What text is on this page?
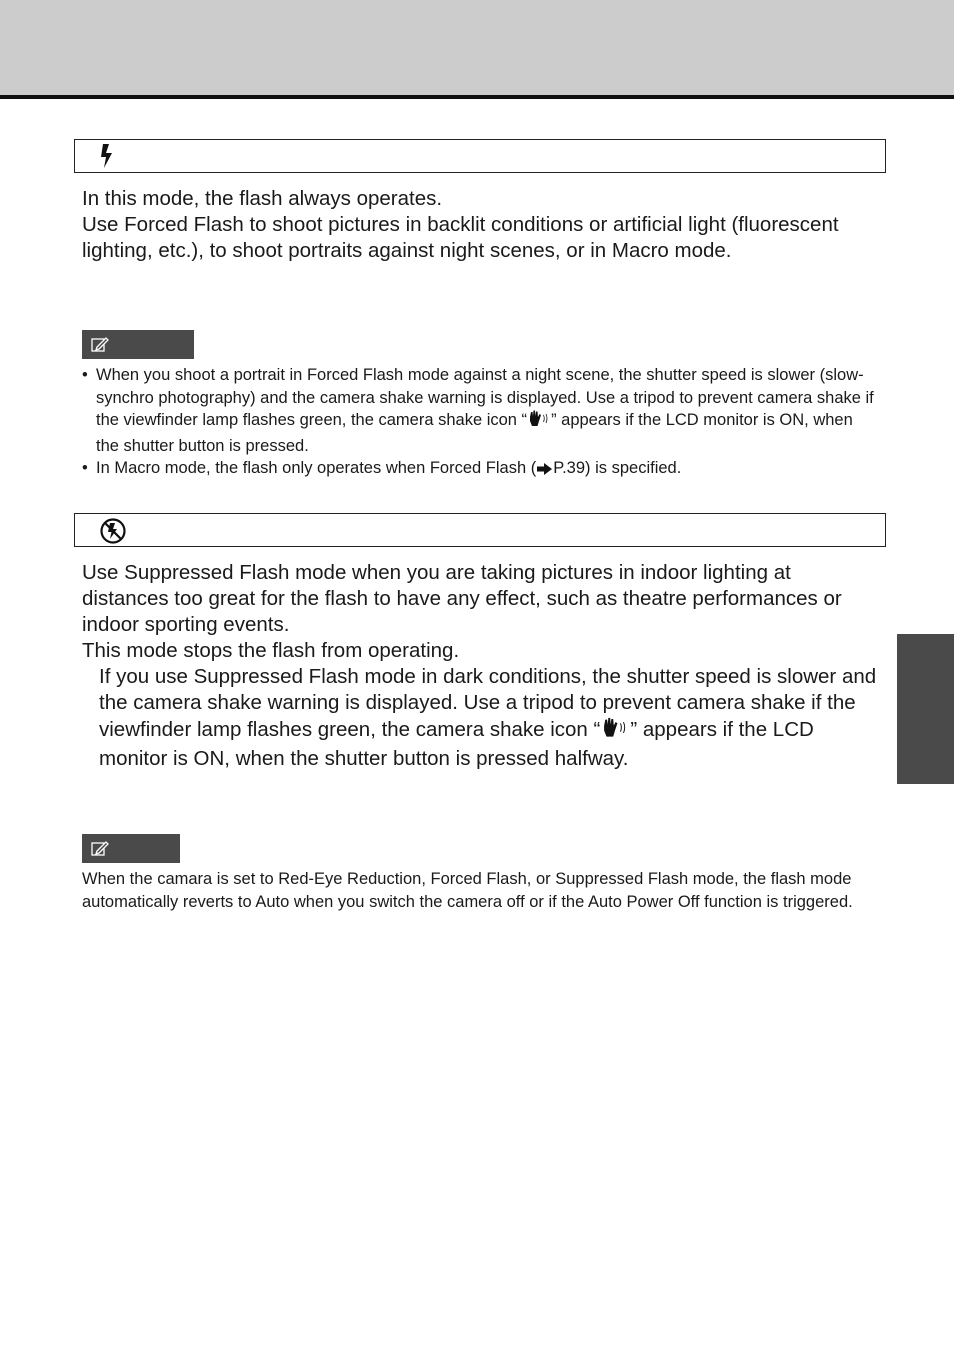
In this mode, the flash always operates.

Use Forced Flash to shoot pictures in backlit conditions or artificial light (fluorescent lighting, etc.), to shoot portraits against night scenes, or in Macro mode.

• When you shoot a portrait in Forced Flash mode against a night scene, the shutter speed is slower (slow-synchro photography) and the camera shake warning is displayed. Use a tripod to prevent camera shake if the viewfinder lamp flashes green, the camera shake icon “ ” appears if the LCD monitor is ON, when the shutter button is pressed.
• In Macro mode, the flash only operates when Forced Flash ( P.39) is specified.

Use Suppressed Flash mode when you are taking pictures in indoor lighting at distances too great for the flash to have any effect, such as theatre performances or indoor sporting events.

This mode stops the flash from operating.

If you use Suppressed Flash mode in dark conditions, the shutter speed is slower and the camera shake warning is displayed. Use a tripod to prevent camera shake if the viewfinder lamp flashes green, the camera shake icon “ ” appears if the LCD monitor is ON, when the shutter button is pressed halfway.

When the camara is set to Red-Eye Reduction, Forced Flash, or Suppressed Flash mode, the flash mode automatically reverts to Auto when you switch the camera off or if the Auto Power Off function is triggered.
